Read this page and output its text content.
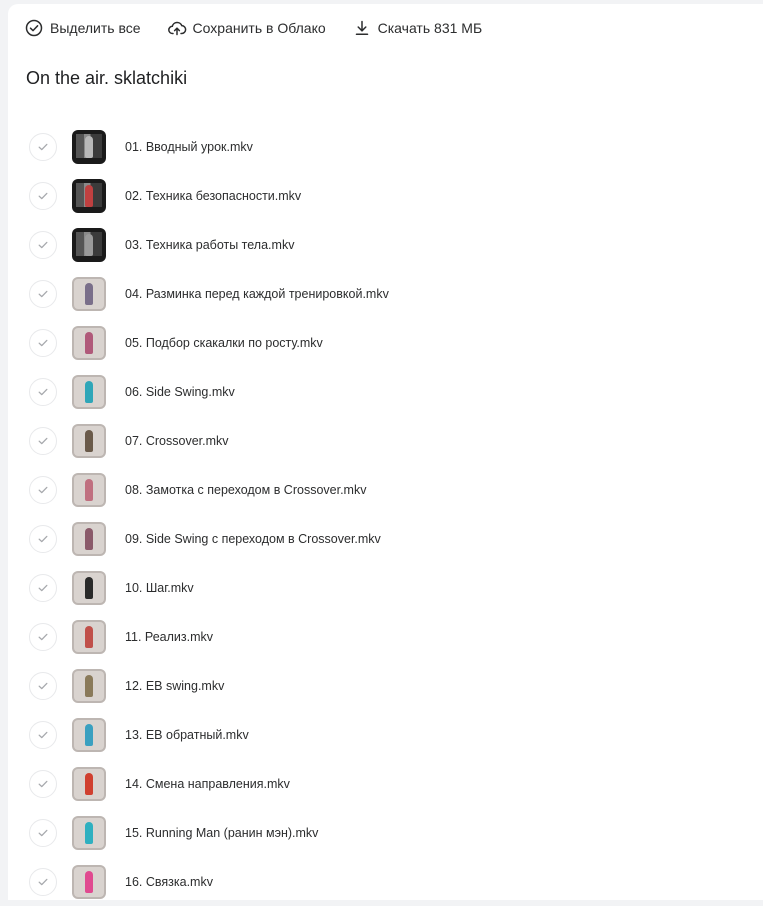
Выделить все	Сохранить в Облако	Скачать 831 МБ
On the air. sklatchiki
01. Вводный урок.mkv
02. Техника безопасности.mkv
03. Техника работы тела.mkv
04. Разминка перед каждой тренировкой.mkv
05. Подбор скакалки по росту.mkv
06. Side Swing.mkv
07. Crossover.mkv
08. Замотка с переходом в Crossover.mkv
09. Side Swing с переходом в Crossover.mkv
10. Шаг.mkv
11. Реализ.mkv
12. EB swing.mkv
13. EB обратный.mkv
14. Смена направления.mkv
15. Running Man (ранин мэн).mkv
16. Связка.mkv
